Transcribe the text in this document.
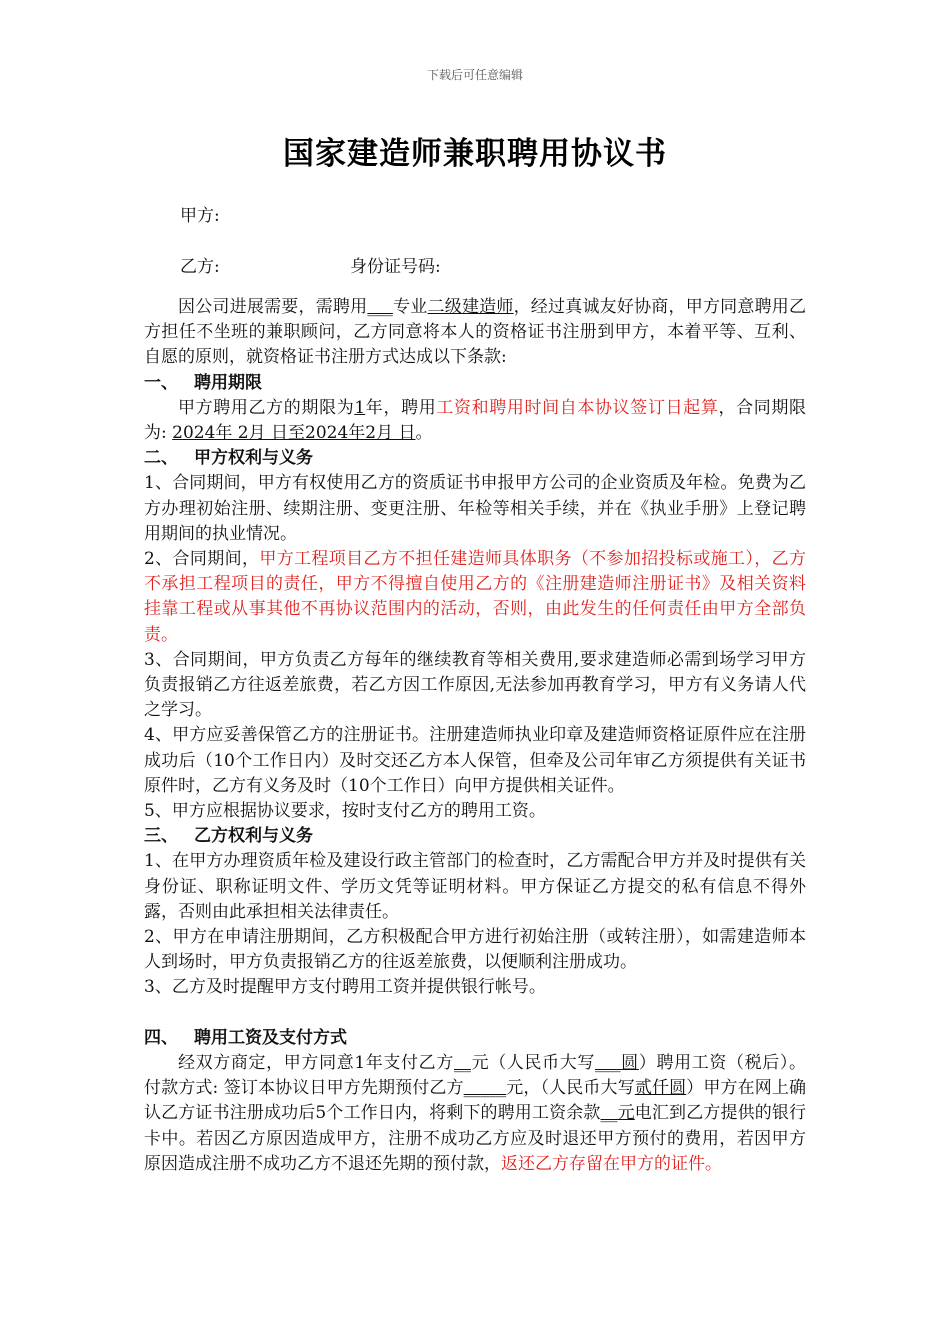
下载后可任意编辑
国家建造师兼职聘用协议书
甲方:
乙方:	身份证号码:

因公司进展需要，需聘用___专业二级建造师，经过真诚友好协商，甲方同意聘用乙方担任不坐班的兼职顾问，乙方同意将本人的资格证书注册到甲方，本着平等、互利、自愿的原则，就资格证书注册方式达成以下条款:

一、 聘用期限

甲方聘用乙方的期限为1年，聘用工资和聘用时间自本协议签订日起算，合同期限为: 2024年 2月 日至2024年2月 日。

二、 甲方权利与义务

1、合同期间，甲方有权使用乙方的资质证书申报甲方公司的企业资质及年检。免费为乙方办理初始注册、续期注册、变更注册、年检等相关手续，并在《执业手册》上登记聘用期间的执业情况。

2、合同期间，甲方工程项目乙方不担任建造师具体职务（不参加招投标或施工），乙方不承担工程项目的责任，甲方不得擅自使用乙方的《注册建造师注册证书》及相关资料挂靠工程或从事其他不再协议范围内的活动，否则，由此发生的任何责任由甲方全部负责。

3、合同期间，甲方负责乙方每年的继续教育等相关费用,要求建造师必需到场学习甲方负责报销乙方往返差旅费，若乙方因工作原因,无法参加再教育学习，甲方有义务请人代之学习。

4、甲方应妥善保管乙方的注册证书。注册建造师执业印章及建造师资格证原件应在注册成功后（10个工作日内）及时交还乙方本人保管，但牵及公司年审乙方须提供有关证书原件时，乙方有义务及时（10个工作日）向甲方提供相关证件。

5、甲方应根据协议要求，按时支付乙方的聘用工资。

三、 乙方权利与义务

1、在甲方办理资质年检及建设行政主管部门的检查时，乙方需配合甲方并及时提供有关身份证、职称证明文件、学历文凭等证明材料。甲方保证乙方提交的私有信息不得外露，否则由此承担相关法律责任。

2、甲方在申请注册期间，乙方积极配合甲方进行初始注册（或转注册），如需建造师本人到场时，甲方负责报销乙方的往返差旅费，以便顺利注册成功。

3、乙方及时提醒甲方支付聘用工资并提供银行帐号。

四、 聘用工资及支付方式

经双方商定，甲方同意1年支付乙方__元（人民币大写___圆）聘用工资（税后）。 付款方式: 签订本协议日甲方先期预付乙方_____元，（人民币大写贰仟圆）甲方在网上确认乙方证书注册成功后5个工作日内，将剩下的聘用工资余款__元电汇到乙方提供的银行卡中。若因乙方原因造成甲方，注册不成功乙方应及时退还甲方预付的费用，若因甲方原因造成注册不成功乙方不退还先期的预付款，返还乙方存留在甲方的证件。
